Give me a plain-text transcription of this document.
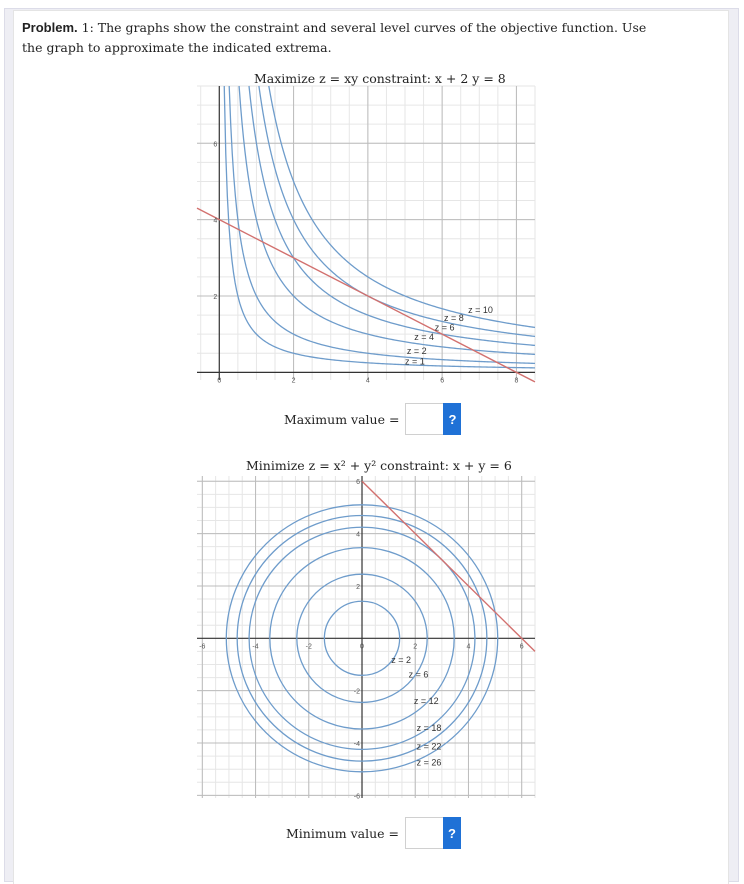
Problem. 1: The graphs show the constraint and several level curves of the objective function. Use the graph to approximate the indicated extrema.
Maximize z = xy constraint: x + 2 y = 8
0	2	4	6	8
2
4
6
z = 1
z = 2
z = 4
z = 6
z = 8
z = 10
Maximum value =	?
Minimize z = x² + y² constraint: x + y = 6
-6	-4	-2	0	2	4	6
6
4
2
-2
-4
-6
z = 2
z = 6
z = 12
z = 18
z = 22
z = 26
Minimum value =	?
